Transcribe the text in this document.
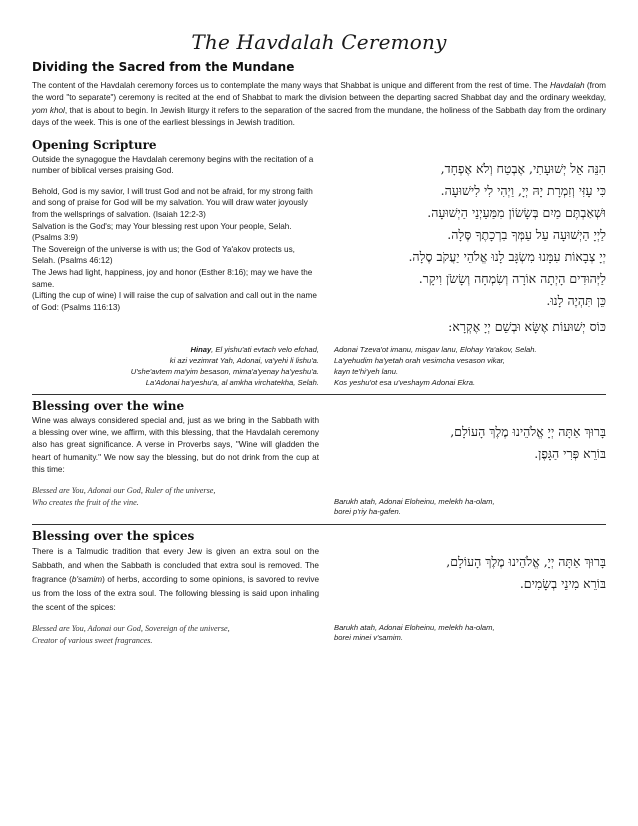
The Havdalah Ceremony
Dividing the Sacred from the Mundane

The content of the Havdalah ceremony forces us to contemplate the many ways that Shabbat is unique and different from the rest of time. The Havdalah (from the word "to separate") ceremony is recited at the end of Shabbat to mark the division between the departing sacred Shabbat day and the ordinary weekday, yom khol, that is about to begin. In Jewish liturgy it refers to the separation of the sacred from the mundane, the holiness of the Sabbath day from the ordinary days of the week. This is one of the earliest blessings in Jewish tradition.

Opening Scripture

Outside the synagogue the Havdalah ceremony begins with the recitation of a number of biblical verses praising God.

Behold, God is my savior, I will trust God and not be afraid, for my strong faith and song of praise for God will be my salvation. You will draw water joyously from the wellsprings of salvation. (Isaiah 12:2-3)

Salvation is the God's; may Your blessing rest upon Your people, Selah. (Psalms 3:9)

The Sovereign of the universe is with us; the God of Ya'akov protects us, Selah. (Psalms 46:12)

The Jews had light, happiness, joy and honor (Esther 8:16); may we have the same.

(Lifting the cup of wine) I will raise the cup of salvation and call out in the name of God: (Psalms 116:13)

הִנֵּה אֵל יְשׁוּעָתִי, אֶבְטַח וְלֹא אֶפְחָד,

כִּי עָזִּי וְזִמְרָת יָהּ יְיָ, וַיְהִי לִי לִישׁוּעָה.

וּשְׁאַבְתֶּם מַיִם בְּשָׂשׂוֹן מִמַּעַיְנֵי הַיְשׁוּעָה.

לַיְיָ הַיְשׁוּעָה עַל עַמְּךָ בִרְכָתֶךָ סֶּלָה.

יְיָ צְבָאוֹת עִמָּנוּ מִשְׂגָּב לָנוּ אֱלֹהֵי יַעֲקֹב סֶלָה.

לַיְּהוּדִים הָיְתָה אוֹרָה וְשִׂמְחָה וְשָׂשֹׂן וִיקָר.

כֵּן תִּהְיֶה לָנוּ.

כּוֹס יְשׁוּעוֹת אֶשָּׂא וּבְשֵׁם יְיָ אֶקְרָא:

Hinay, El yishu'ati evtach velo efchad,
ki azi vezimrat Yah, Adonai, va'yehi li lishu'a.
U'she'avtem ma'yim besason, mima'a'yenay ha'yeshu'a.
La'Adonai ha'yeshu'a, al amkha virchatekha, Selah.
Adonai Tzeva'ot imanu, misgav lanu, Elohay Ya'akov, Selah.
La'yehudim ha'yetah orah vesimcha vesason vikar,
kayn te'hi'yeh lanu.
Kos yeshu'ot esa u'veshaym Adonai Ekra.
Blessing over the wine

Wine was always considered special and, just as we bring in the Sabbath with a blessing over wine, we affirm, with this blessing, that the Havdalah ceremony also has great significance. A verse in Proverbs says, "Wine will gladden the heart of humanity." We now say the blessing, but do not drink from the cup at this time:

בָּרוּךְ אַתָּה יְיָ אֱלֹהֵינוּ מֶלֶךְ הָעוֹלָם,

בּוֹרֵא פְּרִי הַגָּפֶן.

Blessed are You, Adonai our God, Ruler of the universe,
Who creates the fruit of the vine.	Barukh atah, Adonai Eloheinu, melekh ha-olam,
borei p'riy ha-gafen.
Blessing over the spices

There is a Talmudic tradition that every Jew is given an extra soul on the Sabbath, and when the Sabbath is concluded that extra soul is removed. The fragrance (b'samim) of herbs, according to some opinions, is savored to revive us from the loss of the extra soul. The following blessing is said upon inhaling the scent of the spices:

בָּרוּךְ אַתָּה יְיָ, אֱלֹהֵינוּ מֶלֶךְ הָעוֹלָם,

בּוֹרֵא מִינֵי בְשָׂמִים.

Blessed are You, Adonai our God, Sovereign of the universe,
Creator of various sweet fragrances.
Barukh atah, Adonai Eloheinu, melekh ha-olam,
borei minei v'samim.
